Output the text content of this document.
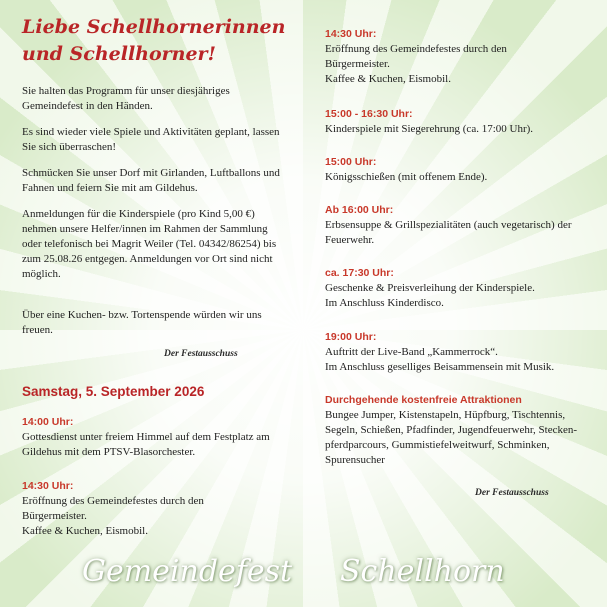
Liebe Schellhornerinnen
und Schellhorner!

Sie halten das Programm für unser diesjähriges Gemeindefest in den Händen.

Es sind wieder viele Spiele und Aktivitäten geplant, lassen Sie sich überraschen!

Schmücken Sie unser Dorf mit Girlanden, Luftballons und Fahnen und feiern Sie mit am Gildehus.

Anmeldungen für die Kinderspiele (pro Kind 5,00 €) nehmen unsere Helfer/innen im Rahmen der Sammlung oder telefonisch bei Magrit Weiler (Tel. 04342/86254) bis zum 25.08.26 entgegen. Anmeldungen vor Ort sind nicht möglich.

Über eine Kuchen- bzw. Tortenspende würden wir uns freuen.

Der Festausschuss
Samstag, 5. September 2026

14:00 Uhr:

Gottesdienst unter freiem Himmel auf dem Festplatz am Gildehus mit dem PTSV-Blasorchester.

14:30 Uhr:

Eröffnung des Gemeindefestes durch den Bürgermeister.

Kaffee & Kuchen, Eismobil.

14:30 Uhr:

Eröffnung des Gemeindefestes durch den Bürgermeister.

Kaffee & Kuchen, Eismobil.

15:00 - 16:30 Uhr:

Kinderspiele mit Siegerehrung (ca. 17:00 Uhr).

15:00 Uhr:

Königsschießen (mit offenem Ende).

Ab 16:00 Uhr:

Erbsensuppe & Grillspezialitäten (auch vegetarisch) der Feuerwehr.

ca. 17:30 Uhr:

Geschenke & Preisverleihung der Kinderspiele.

Im Anschluss Kinderdisco.

19:00 Uhr:

Auftritt der Live-Band „Kammerrock“.

Im Anschluss geselliges Beisammensein mit Musik.

Durchgehende kostenfreie Attraktionen

Bungee Jumper, Kistenstapeln, Hüpfburg, Tischtennis, Segeln, Schießen, Pfadfinder, Jugendfeuerwehr, Stecken-pferdparcours, Gummistiefelweitwurf, Schminken, Spurensucher

Der Festausschuss
Gemeindefest Schellhorn
